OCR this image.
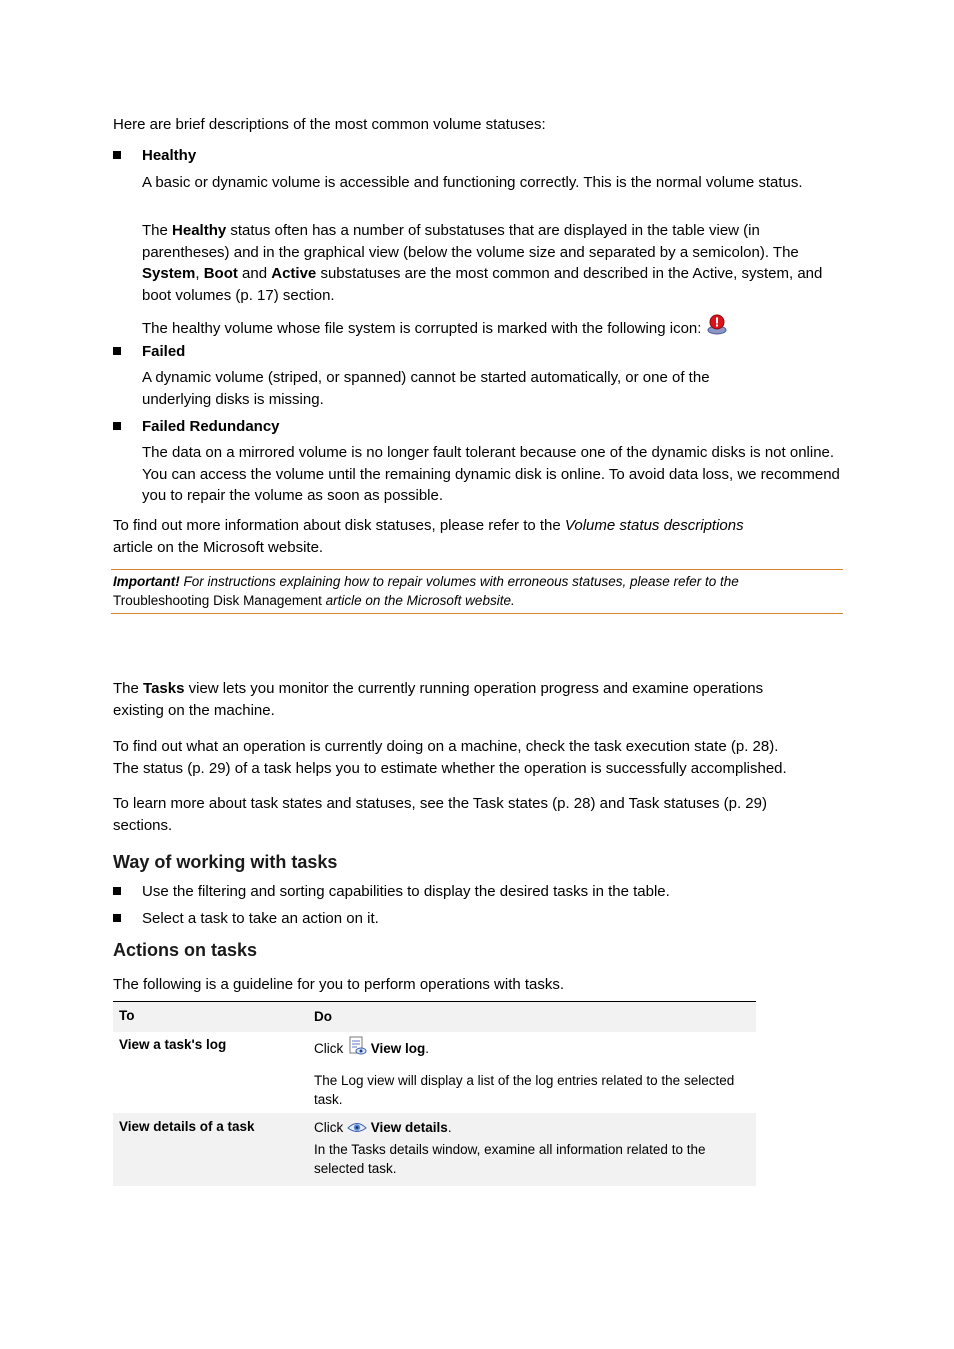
Here are brief descriptions of the most common volume statuses:

Healthy

A basic or dynamic volume is accessible and functioning correctly. This is the normal volume status.

The Healthy status often has a number of substatuses that are displayed in the table view (in parentheses) and in the graphical view (below the volume size and separated by a semicolon). The System, Boot and Active substatuses are the most common and described in the Active, system, and boot volumes (p. 17) section.

The healthy volume whose file system is corrupted is marked with the following icon:

Failed

A dynamic volume (striped, or spanned) cannot be started automatically, or one of the underlying disks is missing.

Failed Redundancy

The data on a mirrored volume is no longer fault tolerant because one of the dynamic disks is not online. You can access the volume until the remaining dynamic disk is online. To avoid data loss, we recommend you to repair the volume as soon as possible.

To find out more information about disk statuses, please refer to the Volume status descriptions
article on the Microsoft website.

Important! For instructions explaining how to repair volumes with erroneous statuses, please refer to the

Troubleshooting Disk Management article on the Microsoft website.

The Tasks view lets you monitor the currently running operation progress and examine operations
existing on the machine.

To find out what an operation is currently doing on a machine, check the task execution state (p. 28).
The status (p. 29) of a task helps you to estimate whether the operation is successfully accomplished.

To learn more about task states and statuses, see the Task states (p. 28) and Task statuses (p. 29)
sections.

Way of working with tasks

Use the filtering and sorting capabilities to display the desired tasks in the table.

Select a task to take an action on it.

Actions on tasks

The following is a guideline for you to perform operations with tasks.

To	Do
View a task's log	Click View log.
The Log view will display a list of the log entries related to the selected task.
View details of a task	Click View details.
In the Tasks details window, examine all information related to the selected task.
